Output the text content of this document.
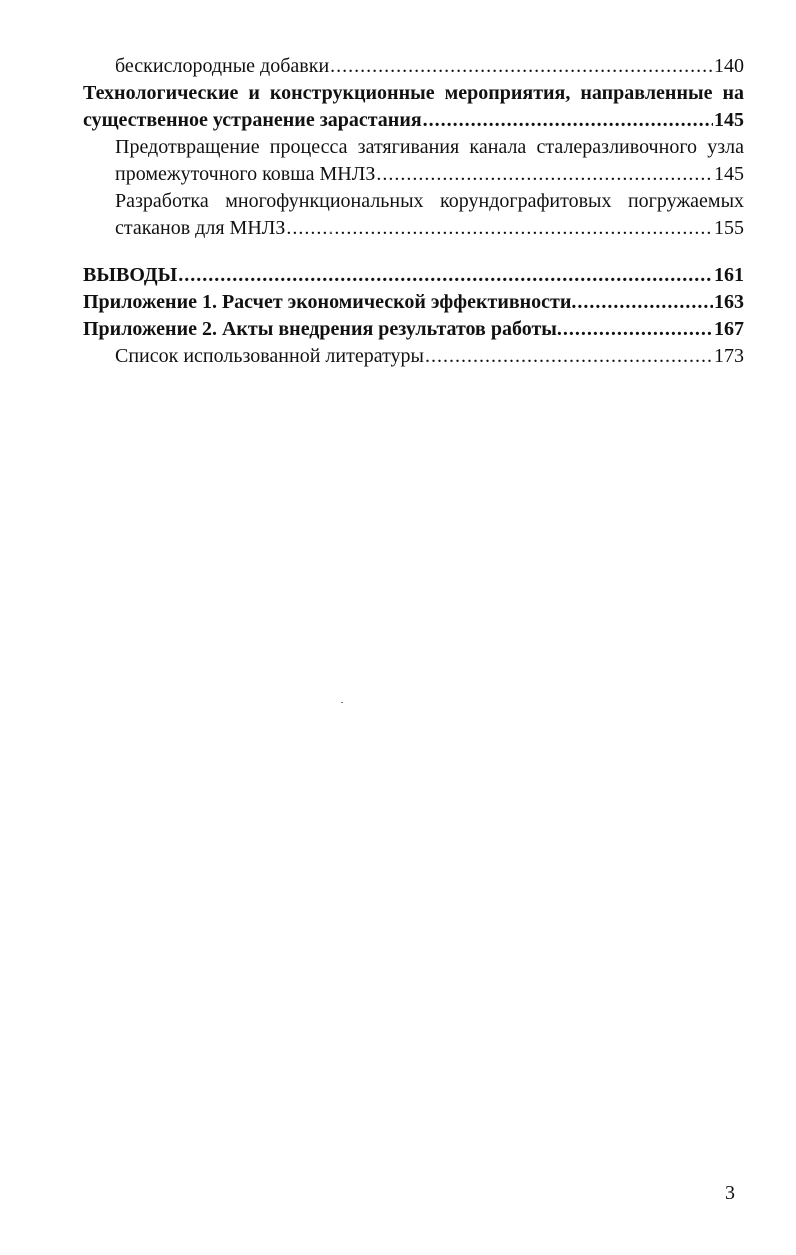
бескислородные добавки .....	140
Технологические и конструкционные мероприятия, направленные на
существенное устранение зарастания .....	145
Предотвращение процесса затягивания канала сталеразливочного узла
промежуточного ковша МНЛЗ .....	145
Разработка многофункциональных корундографитовых погружаемых
стаканов для МНЛЗ .....	155
ВЫВОДЫ .....	161
Приложение 1. Расчет экономической эффективности. .....	163
Приложение 2. Акты внедрения результатов работы. .....	167
Список использованной литературы .....	173
3
